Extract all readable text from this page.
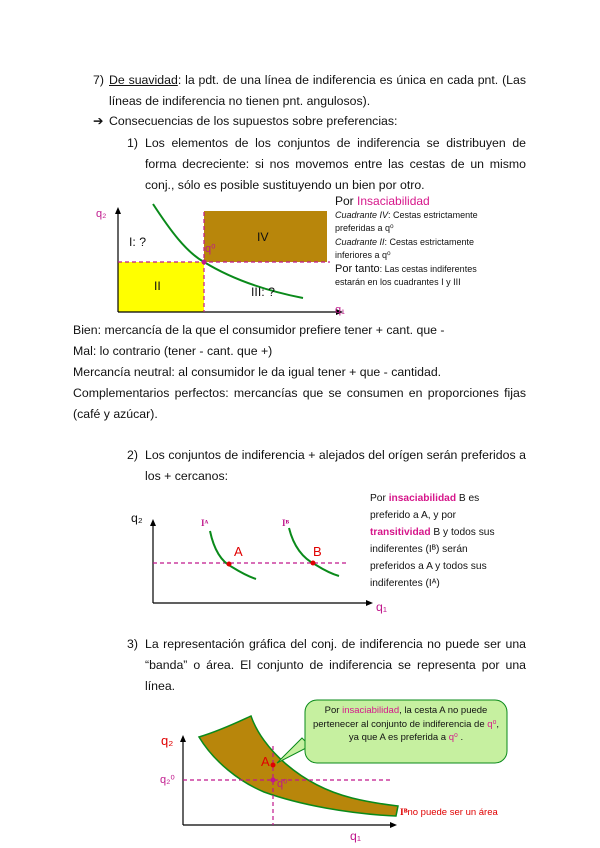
7) De suavidad: la pdt. de una línea de indiferencia es única en cada pnt. (Las líneas de indiferencia no tienen pnt. angulosos).
➔ Consecuencias de los supuestos sobre preferencias:
1) Los elementos de los conjuntos de indiferencia se distribuyen de forma decreciente: si nos movemos entre las cestas de un mismo conj., sólo es posible sustituyendo un bien por otro.
q₂
q₁
q⁰
I: ?
II	III: ?
IV
Por Insaciabilidad
Cuadrante IV: Cestas estrictamente preferidas a q⁰
Cuadrante II: Cestas estrictamente inferiores a q⁰
Por tanto: Las cestas indiferentes estarán en los cuadrantes I y III
Bien: mercancía de la que el consumidor prefiere tener + cant. que -
Mal: lo contrario (tener - cant. que +)
Mercancía neutral: al consumidor le da igual tener + que - cantidad.
Complementarios perfectos: mercancías que se consumen en proporciones fijas (café y azúcar).
2) Los conjuntos de indiferencia + alejados del orígen serán preferidos a los + cercanos:
q₂
q₁
Iᴬ	Iᴮ
A	B
Por insaciabilidad B es preferido a A, y por transitividad B y todos sus indiferentes (Iᴮ) serán preferidos a A y todos sus indiferentes (Iᴬ)
3) La representación gráfica del conj. de indiferencia no puede ser una “banda” o área. El conjunto de indiferencia se representa por una línea.
q₂
q₁
q₂⁰
A
q⁰
Iᴮno puede ser un área
Por insaciabilidad, la cesta A no puede pertenecer al conjunto de indiferencia de q⁰, ya que A es preferida a q⁰ .
